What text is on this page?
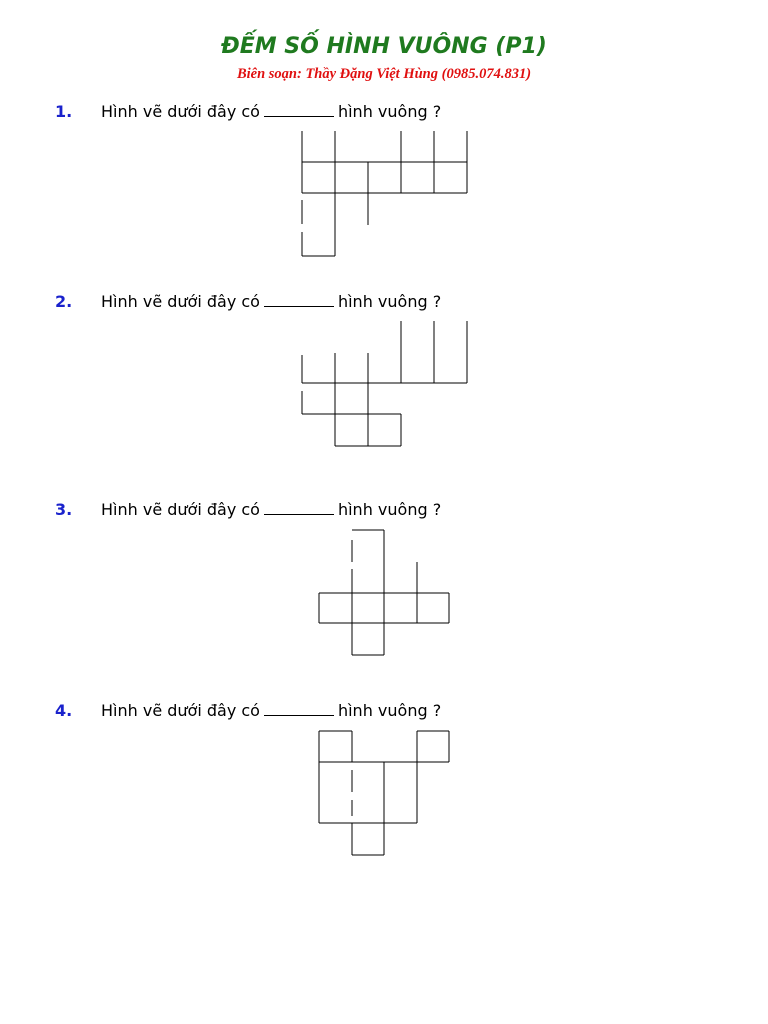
ĐẾM SỐ HÌNH VUÔNG (P1)
Biên soạn: Thầy Đặng Việt Hùng (0985.074.831)
1. Hình vẽ dưới đây có	hình vuông ?
2. Hình vẽ dưới đây có	hình vuông ?
3. Hình vẽ dưới đây có	hình vuông ?
4. Hình vẽ dưới đây có	hình vuông ?
